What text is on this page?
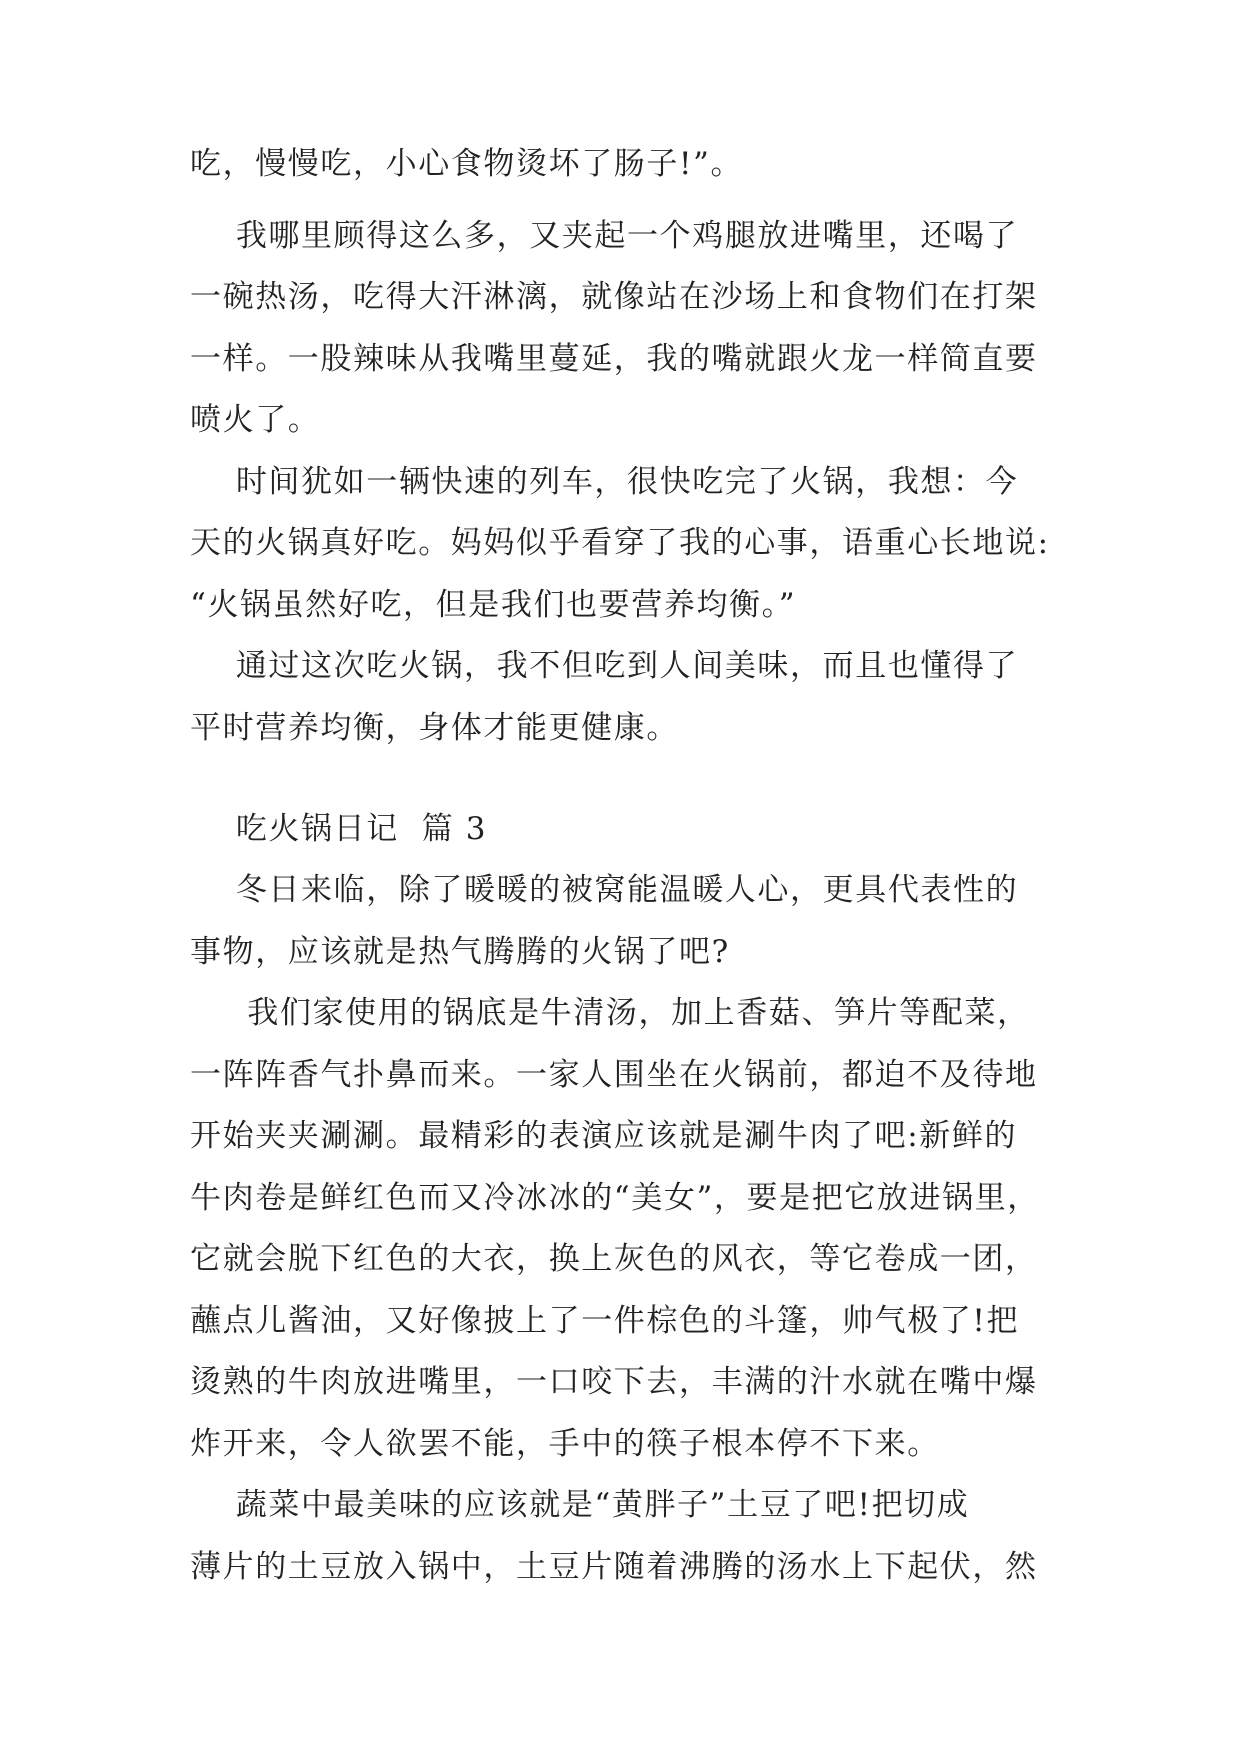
吃，慢慢吃，小心食物烫坏了肠子!”。
我哪里顾得这么多，又夹起一个鸡腿放进嘴里，还喝了
一碗热汤，吃得大汗淋漓，就像站在沙场上和食物们在打架
一样。一股辣味从我嘴里蔓延，我的嘴就跟火龙一样简直要
喷火了。
时间犹如一辆快速的列车，很快吃完了火锅，我想：今
天的火锅真好吃。妈妈似乎看穿了我的心事，语重心长地说:
“火锅虽然好吃，但是我们也要营养均衡。”
通过这次吃火锅，我不但吃到人间美味，而且也懂得了
平时营养均衡，身体才能更健康。
吃火锅日记  篇 3
冬日来临，除了暖暖的被窝能温暖人心，更具代表性的
事物，应该就是热气腾腾的火锅了吧?
我们家使用的锅底是牛清汤，加上香菇、笋片等配菜，
一阵阵香气扑鼻而来。一家人围坐在火锅前，都迫不及待地
开始夹夹涮涮。最精彩的表演应该就是涮牛肉了吧:新鲜的
牛肉卷是鲜红色而又冷冰冰的“美女”，要是把它放进锅里，
它就会脱下红色的大衣，换上灰色的风衣，等它卷成一团，
蘸点儿酱油，又好像披上了一件棕色的斗篷，帅气极了!把
烫熟的牛肉放进嘴里，一口咬下去，丰满的汁水就在嘴中爆
炸开来，令人欲罢不能，手中的筷子根本停不下来。
蔬菜中最美味的应该就是“黄胖子”土豆了吧!把切成
薄片的土豆放入锅中，土豆片随着沸腾的汤水上下起伏，然
